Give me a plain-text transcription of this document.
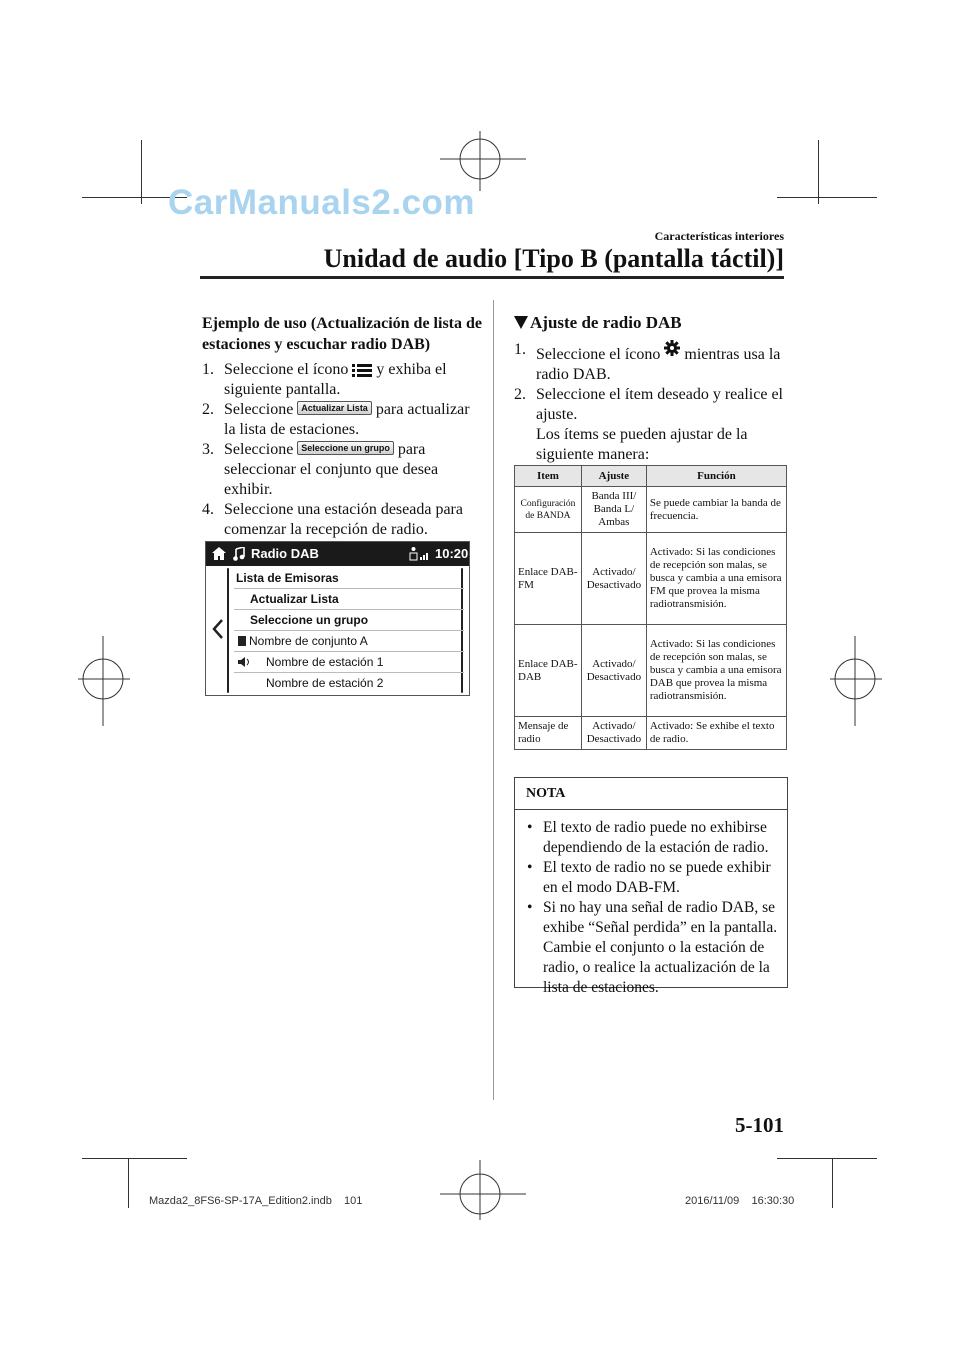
CarManuals2.com
Características interiores
Unidad de audio [Tipo B (pantalla táctil)]
Ejemplo de uso (Actualización de lista de estaciones y escuchar radio DAB)
1. Seleccione el ícono y exhiba el siguiente pantalla.
2. Seleccione Actualizar Lista para actualizar la lista de estaciones.
3. Seleccione Seleccione un grupo para seleccionar el conjunto que desea exhibir.
4. Seleccione una estación deseada para comenzar la recepción de radio.
Radio DAB	10:20
Lista de Emisoras
Actualizar Lista
Seleccione un grupo
Nombre de conjunto A
Nombre de estación 1
Nombre de estación 2
Ajuste de radio DAB
1. Seleccione el ícono mientras usa la radio DAB.
2. Seleccione el ítem deseado y realice el ajuste.
Los ítems se pueden ajustar de la siguiente manera:
Item	Ajuste	Función
Configuración de BANDA	Banda III/ Banda L/ Ambas	Se puede cambiar la banda de frecuencia.
Enlace DAB-FM	Activado/ Desactivado	Activado: Si las condiciones de recepción son malas, se busca y cambia a una emisora FM que provea la misma radiotransmisión.
Enlace DAB-DAB	Activado/ Desactivado	Activado: Si las condiciones de recepción son malas, se busca y cambia a una emisora DAB que provea la misma radiotransmisión.
Mensaje de radio	Activado/ Desactivado	Activado: Se exhibe el texto de radio.
NOTA
• El texto de radio puede no exhibirse dependiendo de la estación de radio.
• El texto de radio no se puede exhibir en el modo DAB-FM.
• Si no hay una señal de radio DAB, se exhibe “Señal perdida” en la pantalla. Cambie el conjunto o la estación de radio, o realice la actualización de la lista de estaciones.
5-101
Mazda2_8FS6-SP-17A_Edition2.indb    101	2016/11/09    16:30:30
